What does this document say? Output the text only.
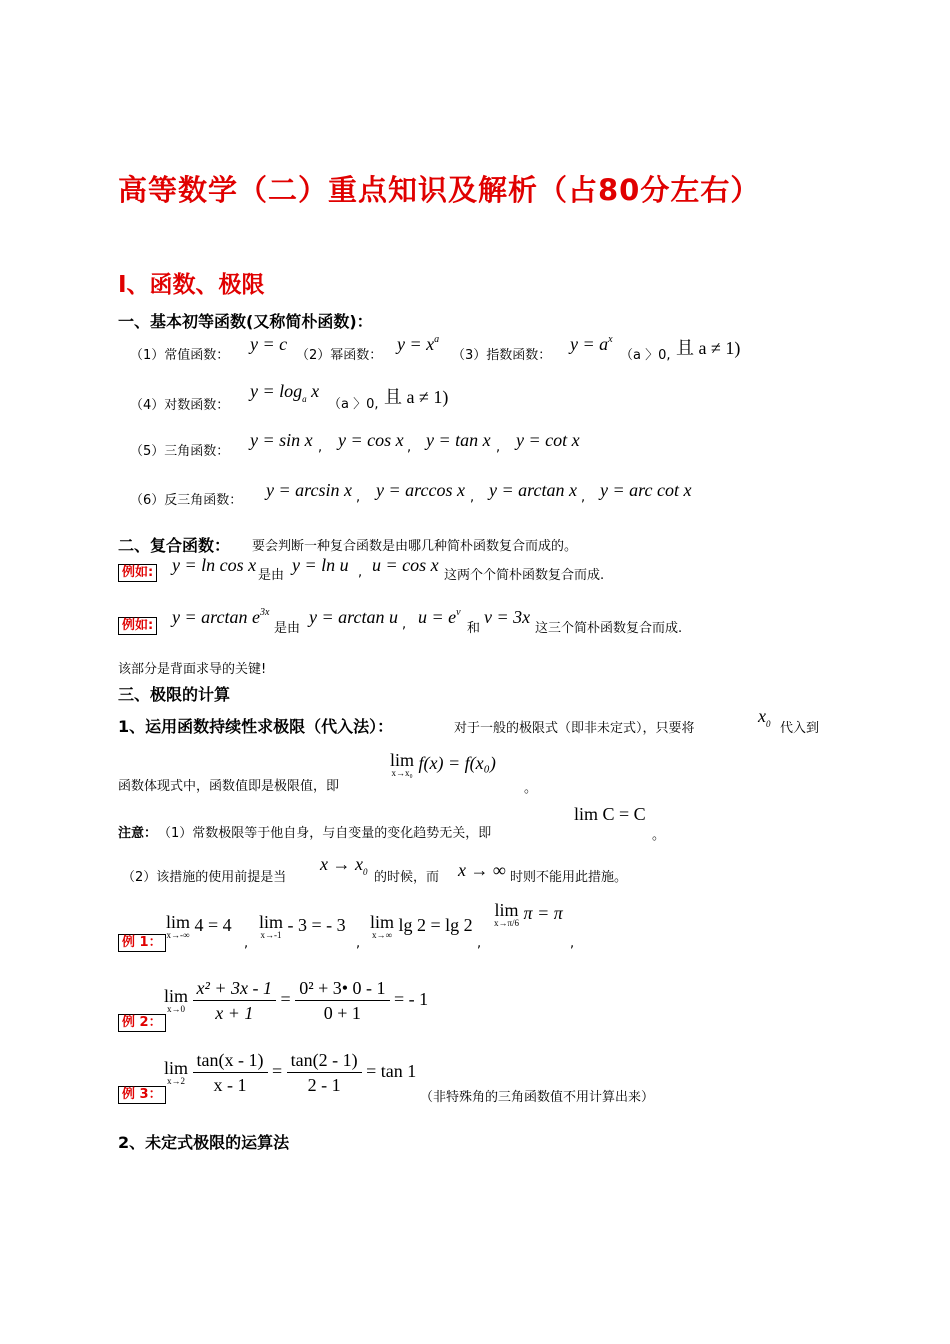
高等数学（二）重点知识及解析（占80分左右）
Ⅰ、函数、极限
一、基本初等函数(又称简朴函数)：
（1）常值函数：
y = c
（2）幂函数：
$y = x^a$
（3）指数函数：
$y = a^x$
（a 〉0, 且 a ≠ 1)
（4）对数函数：
$y = \log_a x$
（a 〉0, 且 a ≠ 1)
（5）三角函数：
y = sin x , y = cos x , y = tan x , y = cot x
（6）反三角函数：
y = arcsin x , y = arccos x , y = arctan x , y = arc cot x
二、复合函数： 要会判断一种复合函数是由哪几种简朴函数复合而成的。
例如: y = ln cos x
是由
y = ln u , u = cos x
这两个个简朴函数复合而成.
例如: $y = \arctan e^{3x}$
是由
y = arctan u , $u = e^v$
和
v = 3x
这三个简朴函数复合而成.
该部分是背面求导的关键!
三、极限的计算
1、运用函数持续性求极限（代入法）：	对于一般的极限式（即非未定式），只要将
$x_0$ 代入到
函数体现式中，函数值即是极限值，即
lim
x→x₀ f(x) = f(x₀)
。
注意： （1）常数极限等于他自身，与自变量的变化趋势无关，即
lim C = C
。
（2）该措施的使用前提是当
$x \to x_0$ 的时候，而 x → ∞ 时则不能用此措施。
例 1：
lim
x→-∞ 4 = 4
,
lim
x→-1 - 3 = - 3
,
lim
x→∞ lg 2 = lg 2
,
lim
x→π/6 π = π
,
例 2：
lim
x→0
$\frac{\text{x² + 3x - 1}}{x + 1} = \frac{\text{0² + 3• 0 - 1}}{0 + 1}$ = - 1
例 3：
lim
x→2
$\frac{\tan(x - 1)}{x - 1} = \frac{\tan(2 - 1)}{2 - 1} = \tan 1$
（非特殊角的三角函数值不用计算出来）
2、未定式极限的运算法
